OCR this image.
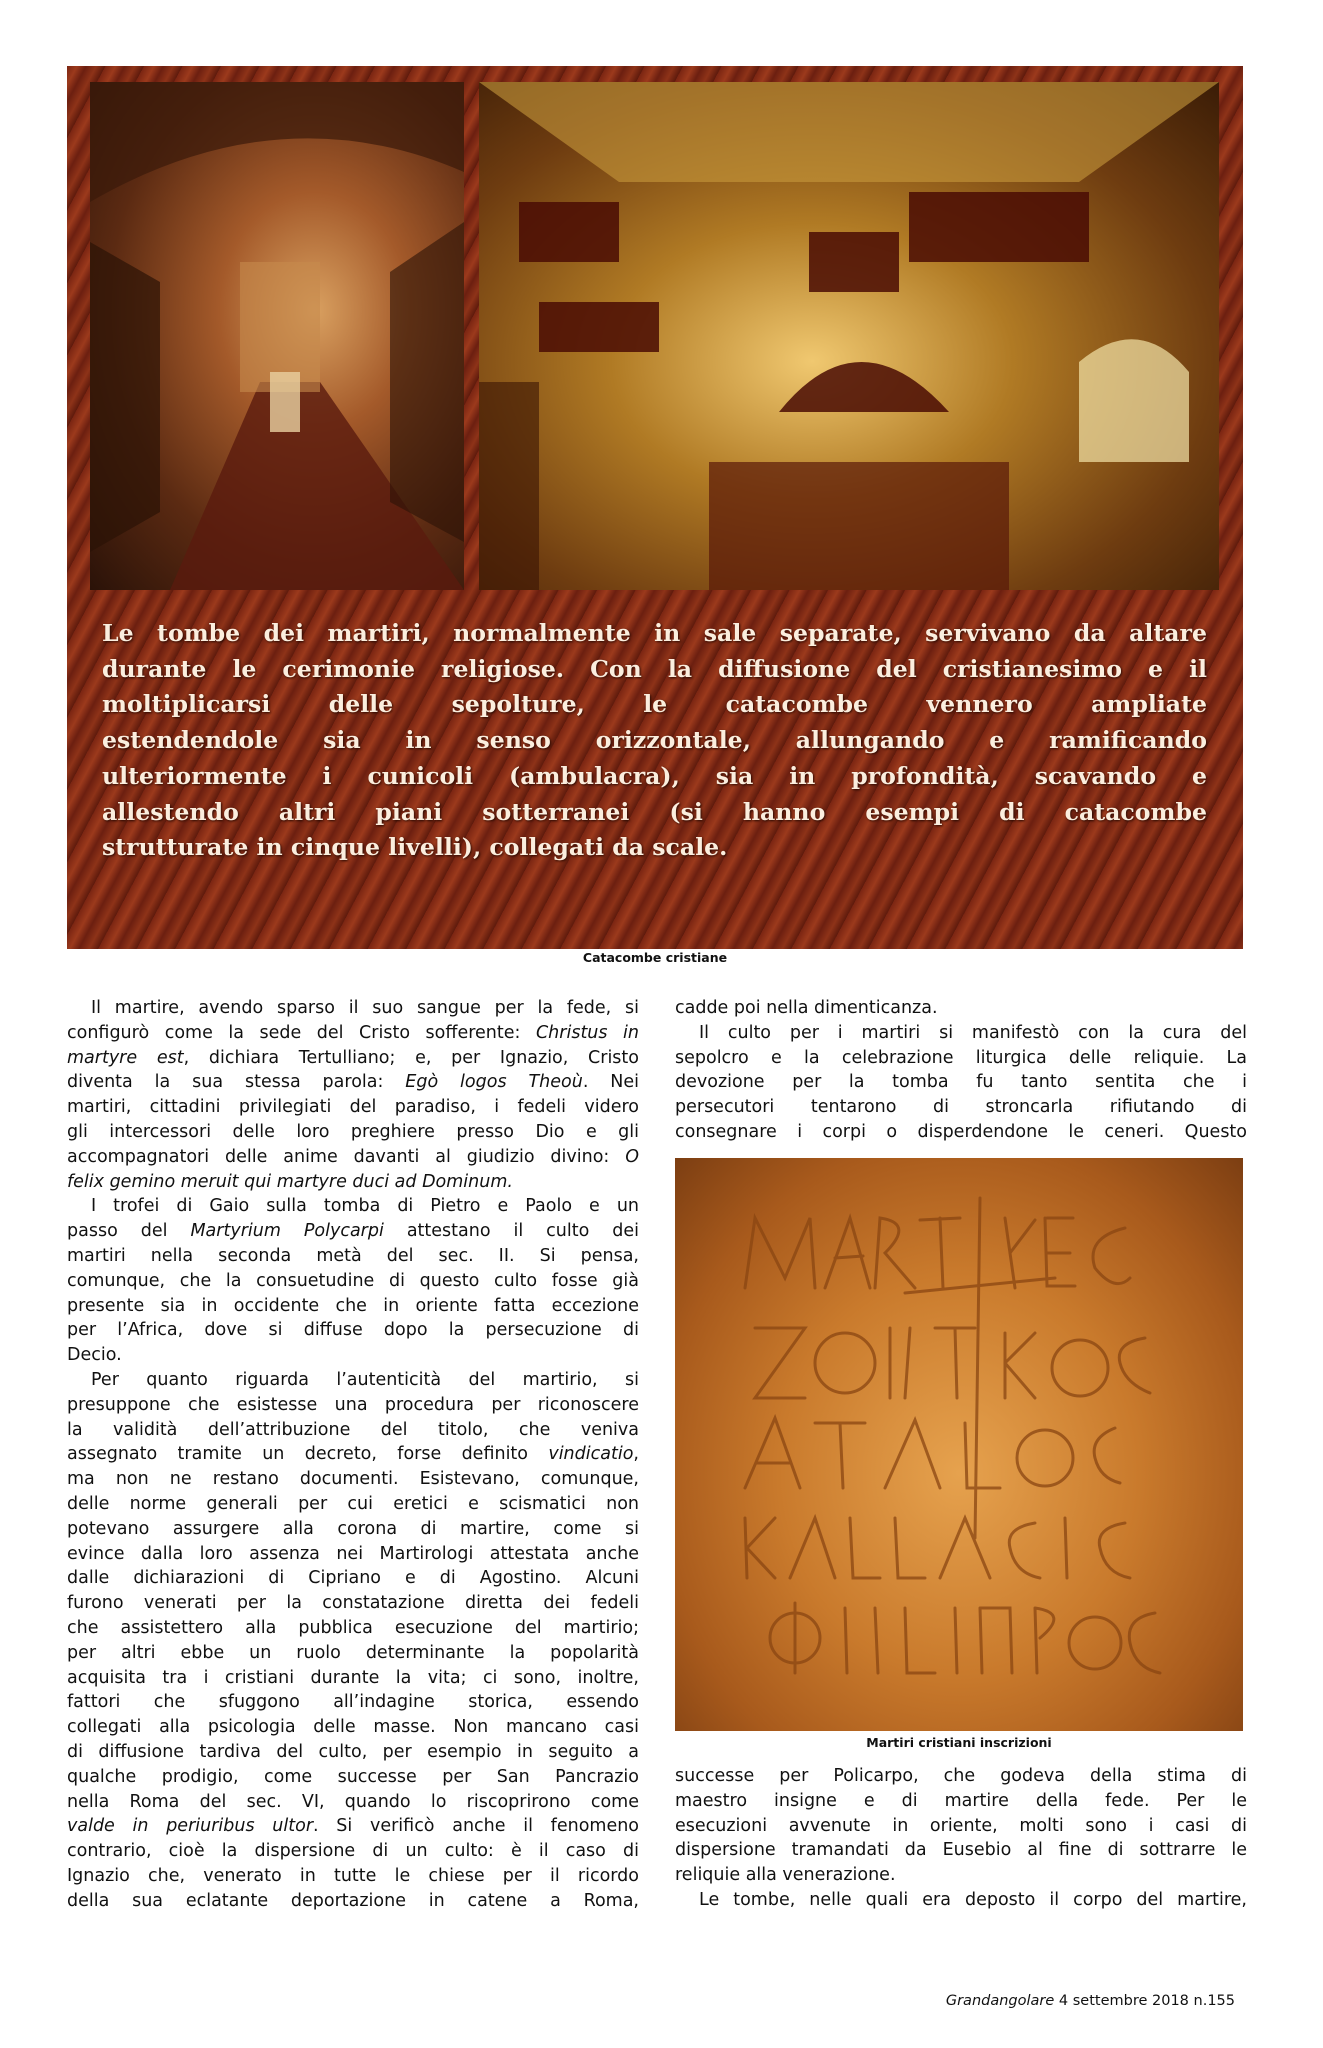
Le tombe dei martiri, normalmente in sale separate, servivano da altare
durante le cerimonie religiose. Con la diffusione del cristianesimo e il
moltiplicarsi delle sepolture, le catacombe vennero ampliate
estendendole sia in senso orizzontale, allungando e ramificando
ulteriormente i cunicoli (ambulacra), sia in profondità, scavando e
allestendo altri piani sotterranei (si hanno esempi di catacombe
strutturate in cinque livelli), collegati da scale.

Catacombe cristiane
Il martire, avendo sparso il suo sangue per la fede, si
configurò come la sede del Cristo sofferente: Christus in
martyre est, dichiara Tertulliano; e, per Ignazio, Cristo
diventa la sua stessa parola: Egò logos Theoù. Nei
martiri, cittadini privilegiati del paradiso, i fedeli videro
gli intercessori delle loro preghiere presso Dio e gli
accompagnatori delle anime davanti al giudizio divino: O
felix gemino meruit qui martyre duci ad Dominum.
I trofei di Gaio sulla tomba di Pietro e Paolo e un
passo del Martyrium Polycarpi attestano il culto dei
martiri nella seconda metà del sec. II. Si pensa,
comunque, che la consuetudine di questo culto fosse già
presente sia in occidente che in oriente fatta eccezione
per l’Africa, dove si diffuse dopo la persecuzione di
Decio.
Per quanto riguarda l’autenticità del martirio, si
presuppone che esistesse una procedura per riconoscere
la validità dell’attribuzione del titolo, che veniva
assegnato tramite un decreto, forse definito vindicatio,
ma non ne restano documenti. Esistevano, comunque,
delle norme generali per cui eretici e scismatici non
potevano assurgere alla corona di martire, come si
evince dalla loro assenza nei Martirologi attestata anche
dalle dichiarazioni di Cipriano e di Agostino. Alcuni
furono venerati per la constatazione diretta dei fedeli
che assistettero alla pubblica esecuzione del martirio;
per altri ebbe un ruolo determinante la popolarità
acquisita tra i cristiani durante la vita; ci sono, inoltre,
fattori che sfuggono all’indagine storica, essendo
collegati alla psicologia delle masse. Non mancano casi
di diffusione tardiva del culto, per esempio in seguito a
qualche prodigio, come successe per San Pancrazio
nella Roma del sec. VI, quando lo riscoprirono come
valde in periuribus ultor. Si verificò anche il fenomeno
contrario, cioè la dispersione di un culto: è il caso di
Ignazio che, venerato in tutte le chiese per il ricordo
della sua eclatante deportazione in catene a Roma,
cadde poi nella dimenticanza.
Il culto per i martiri si manifestò con la cura del
sepolcro e la celebrazione liturgica delle reliquie. La
devozione per la tomba fu tanto sentita che i
persecutori tentarono di stroncarla rifiutando di
consegnare i corpi o disperdendone le ceneri. Questo
Martiri cristiani inscrizioni
successe per Policarpo, che godeva della stima di
maestro insigne e di martire della fede. Per le
esecuzioni avvenute in oriente, molti sono i casi di
dispersione tramandati da Eusebio al fine di sottrarre le
reliquie alla venerazione.
Le tombe, nelle quali era deposto il corpo del martire,
Grandangolare 4 settembre 2018 n.155
